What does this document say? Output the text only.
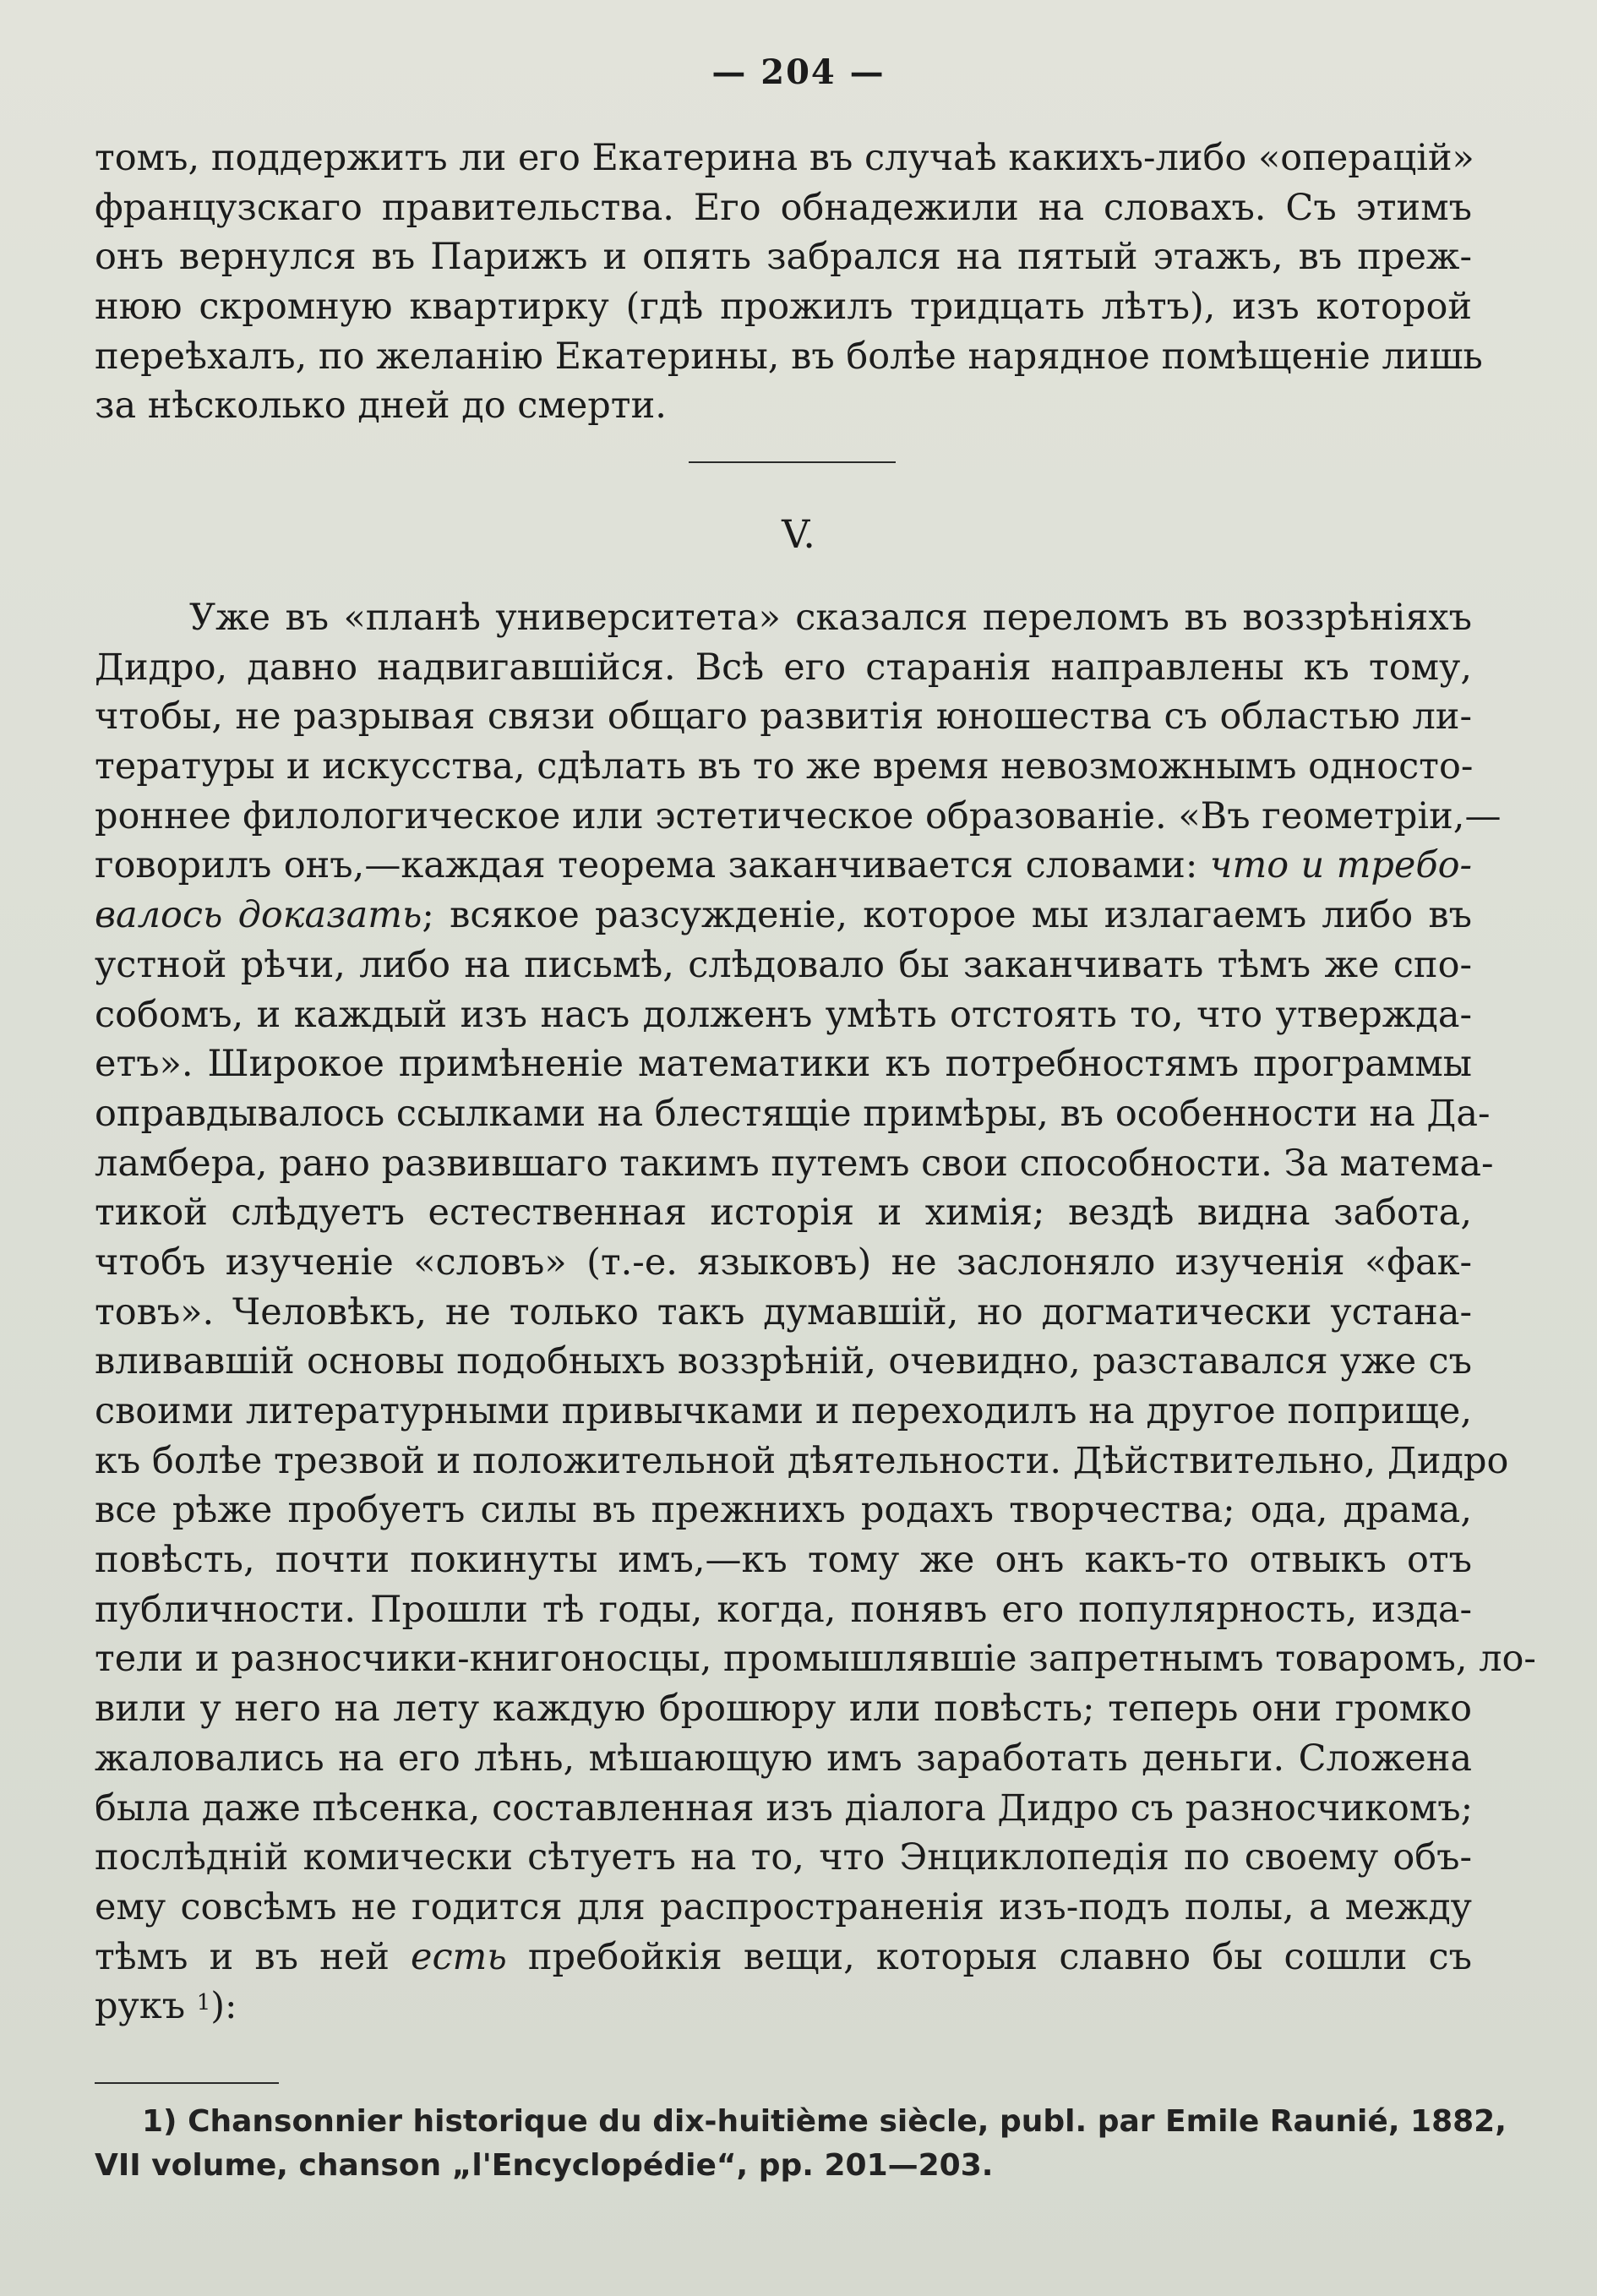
— 204 —
томъ, поддержитъ ли его Екатерина въ случаѣ какихъ-либо «операцій»
французскаго правительства. Его обнадежили на словахъ. Съ этимъ
онъ вернулся въ Парижъ и опять забрался на пятый этажъ, въ преж-
нюю скромную квартирку (гдѣ прожилъ тридцать лѣтъ), изъ которой
переѣхалъ, по желанію Екатерины, въ болѣе нарядное помѣщеніе лишь
за нѣсколько дней до смерти.
V.
Уже въ «планѣ университета» сказался переломъ въ воззрѣніяхъ
Дидро, давно надвигавшійся. Всѣ его старанія направлены къ тому,
чтобы, не разрывая связи общаго развитія юношества съ областью ли-
тературы и искусства, сдѣлать въ то же время невозможнымъ односто-
роннее филологическое или эстетическое образованіе. «Въ геометріи,—
говорилъ онъ,—каждая теорема заканчивается словами: что и требо-
валось доказать; всякое разсужденіе, которое мы излагаемъ либо въ
устной рѣчи, либо на письмѣ, слѣдовало бы заканчивать тѣмъ же спо-
собомъ, и каждый изъ насъ долженъ умѣть отстоять то, что утвержда-
етъ». Широкое примѣненіе математики къ потребностямъ программы
оправдывалось ссылками на блестящіе примѣры, въ особенности на Да-
ламбера, рано развившаго такимъ путемъ свои способности. За матема-
тикой слѣдуетъ естественная исторія и химія; вездѣ видна забота,
чтобъ изученіе «словъ» (т.-е. языковъ) не заслоняло изученія «фак-
товъ». Человѣкъ, не только такъ думавшій, но догматически устана-
вливавшій основы подобныхъ воззрѣній, очевидно, разставался уже съ
своими литературными привычками и переходилъ на другое поприще,
къ болѣе трезвой и положительной дѣятельности. Дѣйствительно, Дидро
все рѣже пробуетъ силы въ прежнихъ родахъ творчества; ода, драма,
повѣсть, почти покинуты имъ,—къ тому же онъ какъ-то отвыкъ отъ
публичности. Прошли тѣ годы, когда, понявъ его популярность, изда-
тели и разносчики-книгоносцы, промышлявшіе запретнымъ товаромъ, ло-
вили у него на лету каждую брошюру или повѣсть; теперь они громко
жаловались на его лѣнь, мѣшающую имъ заработать деньги. Сложена
была даже пѣсенка, составленная изъ діалога Дидро съ разносчикомъ;
послѣдній комически сѣтуетъ на то, что Энциклопедія по своему объ-
ему совсѣмъ не годится для распространенія изъ-подъ полы, а между
тѣмъ и въ ней есть пребойкія вещи, которыя славно бы сошли съ
рукъ $^1$):
1) Chansonnier historique du dix-huitième siècle, publ. par Emile Raunié, 1882,
VII volume, chanson „l'Encyclopédie“, pp. 201—203.
